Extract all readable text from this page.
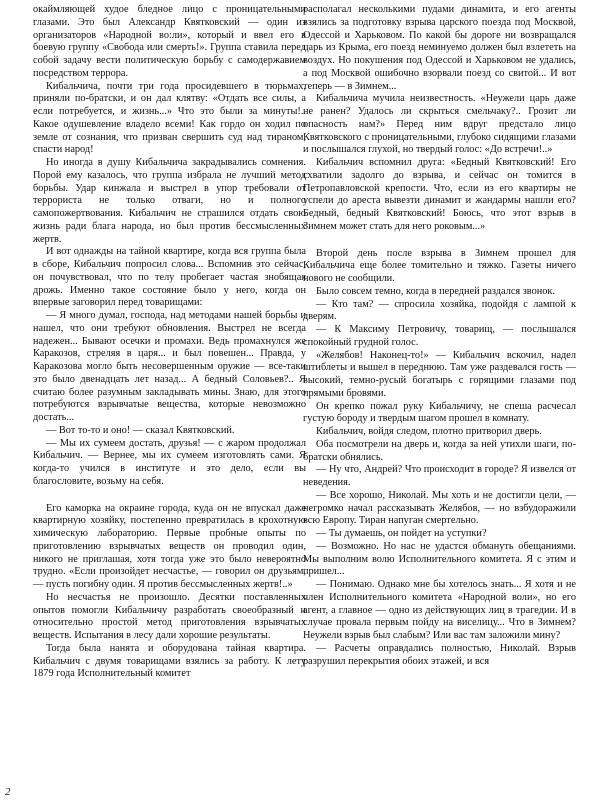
окаймляющей худое бледное лицо с проницательными глазами. Это был Александр Квятковский — один из организаторов «Народной во:ли», который и ввел его в боевую группу «Свобода или смерть!». Группа ставила перед собой задачу вести политическую борьбу с самодержавием посредством террора.

Кибальчича, почти три года просидевшего в тюрьмах, приняли по-братски, и он дал клятву: «Отдать все силы, а если потребуется, и жизнь...» Что это были за минуты!.. Какое одушевление владело всеми! Как гордо он ходил по земле от сознания, что призван свершить суд над тираном, спасти народ!

Но иногда в душу Кибальчича закрадывались сомнения. Порой ему казалось, что группа избрала не лучший метод борьбы. Удар кинжала и выстрел в упор требовали от террориста не только отваги, но и полного самопожертвования. Кибальчич не страшился отдать свою жизнь ради блага народа, но был против бессмысленных жертв.

И вот однажды на тайной квартире, когда вся группа была в сборе, Кибальчич попросил слова... Вспомнив это сейчас, он почувствовал, что по телу пробегает частая знобящая дрожь. Именно такое состояние было у него, когда он впервые заговорил перед товарищами:

— Я много думал, господа, над методами нашей борьбы и нашел, что они требуют обновления. Выстрел не всегда надежен... Бывают осечки и промахи. Ведь промахнулся же Каракозов, стреляя в царя... и был повешен... Правда, у Каракозова могло быть несовершенным оружие — все-таки это было двенадцать лет назад... А бедный Соловьев?.. Я считаю более разумным закладывать мины. Знаю, для этого потребуются взрывчатые вещества, которые невозможно достать...

— Вот то-то и оно! — сказал Квятковский.

— Мы их сумеем достать, друзья! — с жаром продолжал Кибальчич. — Вернее, мы их сумеем изготовлять сами. Я когда-то учился в институте и это дело, если вы благословите, возьму на себя.

Его каморка на окраине города, куда он не впускал даже квартирную хозяйку, постепенно превратилась в крохотную химическую лабораторию. Первые пробные опыты по приготовлению взрывчатых веществ он проводил один, никого не приглашая, хотя тогда уже это было невероятно трудно. «Если произойдет несчастье, — говорил он друзьям, — пусть погибну один. Я против бессмысленных жертв!..»

Но несчастья не произошло. Десятки поставленных опытов помогли Кибальчичу разработать своеобразный и относительно простой метод приготовления взрывчатых веществ. Испытания в лесу дали хорошие результаты.

Тогда была нанята и оборудована тайная квартира. Кибальчич с двумя товарищами взялись за работу. К лету 1879 года Исполнительный комитет

располагал несколькими пудами динамита, и его агенты взялись за подготовку взрыва царского поезда под Москвой, Одессой и Харьковом. По какой бы дороге ни возвращался царь из Крыма, его поезд неминуемо должен был взлететь на воздух. Но покушения под Одессой и Харьковом не удались, а под Москвой ошибочно взорвали поезд со свитой... И вот теперь — в Зимнем...

Кибальчича мучила неизвестность. «Неужели царь даже не ранен? Удалось ли скрыться смельчаку?.. Грозит ли опасность нам?» Перед ним вдруг предстало лицо Квятковского с проницательными, глубоко сидящими глазами и послышался глухой, но твердый голос: «До встречи!..»

Кибальчич вспомнил друга: «Бедный Квятковский! Его схватили задолго до взрыва, и сейчас он томится в Петропавловской крепости. Что, если из его квартиры не успели до ареста вывезти динамит и жандармы нашли его? Бедный, бедный Квятковский! Боюсь, что этот взрыв в Зимнем может стать для него роковым...»

Второй день после взрыва в Зимнем прошел для Кибальчича еще более томительно и тяжко. Газеты ничего нового не сообщили.

Было совсем темно, когда в передней раздался звонок.

— Кто там? — спросила хозяйка, подойдя с лампой к дверям.

— К Максиму Петровичу, товарищ, — послышался спокойный грудной голос.

«Желябов! Наконец-то!» — Кибальчич вскочил, надел штиблеты и вышел в переднюю. Там уже раздевался гость — высокий, темно-русый богатырь с горящими глазами под прямыми бровями.

Он крепко пожал руку Кибальчичу, не спеша расчесал густую бороду и твердым шагом прошел в комнату.

Кибальчич, войдя следом, плотно притворил дверь.

Оба посмотрели на дверь и, когда за ней утихли шаги, по-братски обнялись.

— Ну что, Андрей? Что происходит в городе? Я извелся от неведения.

— Все хорошо, Николай. Мы хоть и не достигли цели, — негромко начал рассказывать Желябов, — но взбудоражили всю Европу. Тиран напуган смертельно.

— Ты думаешь, он пойдет на уступки?

— Возможно. Но нас не удастся обмануть обещаниями. Мы выполним волю Исполнительного комитета. Я с этим и пришел...

— Понимаю. Однако мне бы хотелось знать... Я хотя и не член Исполнительного комитета «Народной воли», но его агент, а главное — одно из действующих лиц в трагедии. И в случае провала первым пойду на виселицу... Что в Зимнем? Неужели взрыв был слабым? Или вас там заложили мину?

— Расчеты оправдались полностью, Николай. Взрыв разрушил перекрытия обоих этажей, и вся

2
